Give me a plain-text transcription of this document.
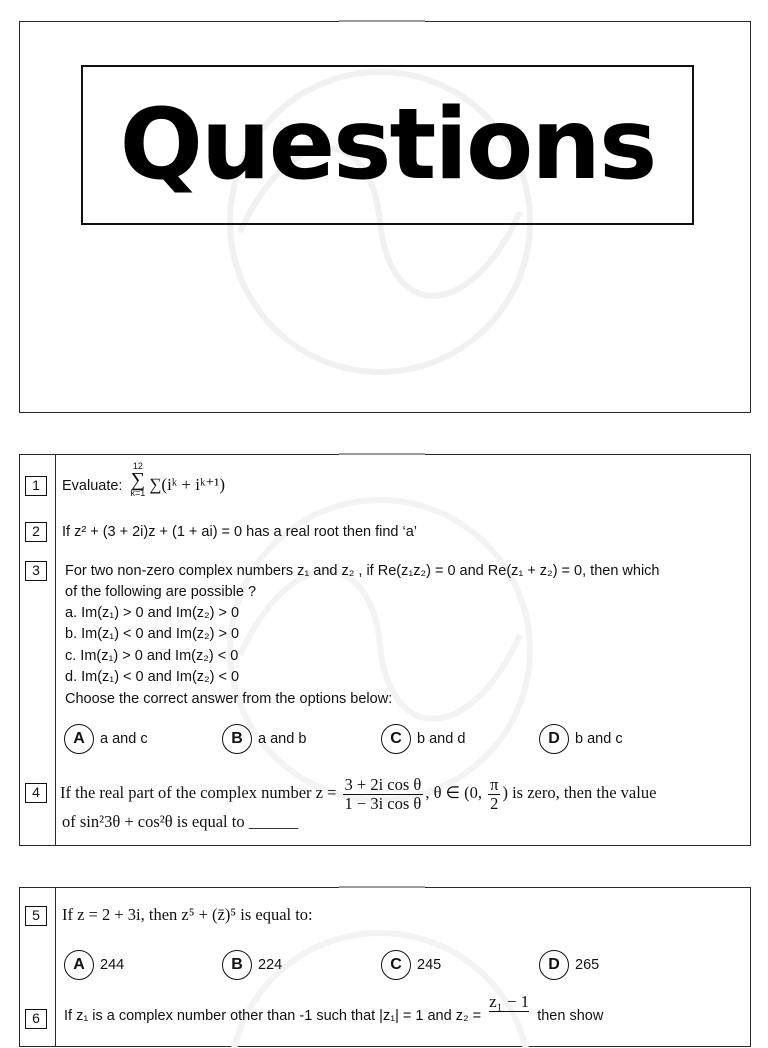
Questions
1	Evaluate:
12
∑
k=1 ∑(iᵏ + iᵏ⁺¹)
2	If z² + (3 + 2i)z + (1 + ai) = 0 has a real root then find ‘a’
3	For two non-zero complex numbers z₁ and z₂ , if Re(z₁z₂) = 0 and Re(z₁ + z₂) = 0, then which
of the following are possible ?
a. Im(z₁) > 0 and Im(z₂) > 0
b. Im(z₁) < 0 and Im(z₂) > 0
c. Im(z₁) > 0 and Im(z₂) < 0
d. Im(z₁) < 0 and Im(z₂) < 0
Choose the correct answer from the options below:
A	a and c	B	a and b	C	b and d	D	b and c
4	If the real part of the complex number $z = \frac{\text{3 + 2i cos θ}}{\text{1 − 3i cos θ}}$ , θ ∈ (0, $\frac{\pi}{2}$ ) is zero, then the value
of sin²3θ + cos²θ is equal to ______
5	If z = 2 + 3i, then z⁵ + (z̄)⁵ is equal to:
A	244	B	224	C	245	D	265
6	If z₁ is a complex number other than -1 such that |z₁| = 1 and z₂ =
z₁ − 1
then show
